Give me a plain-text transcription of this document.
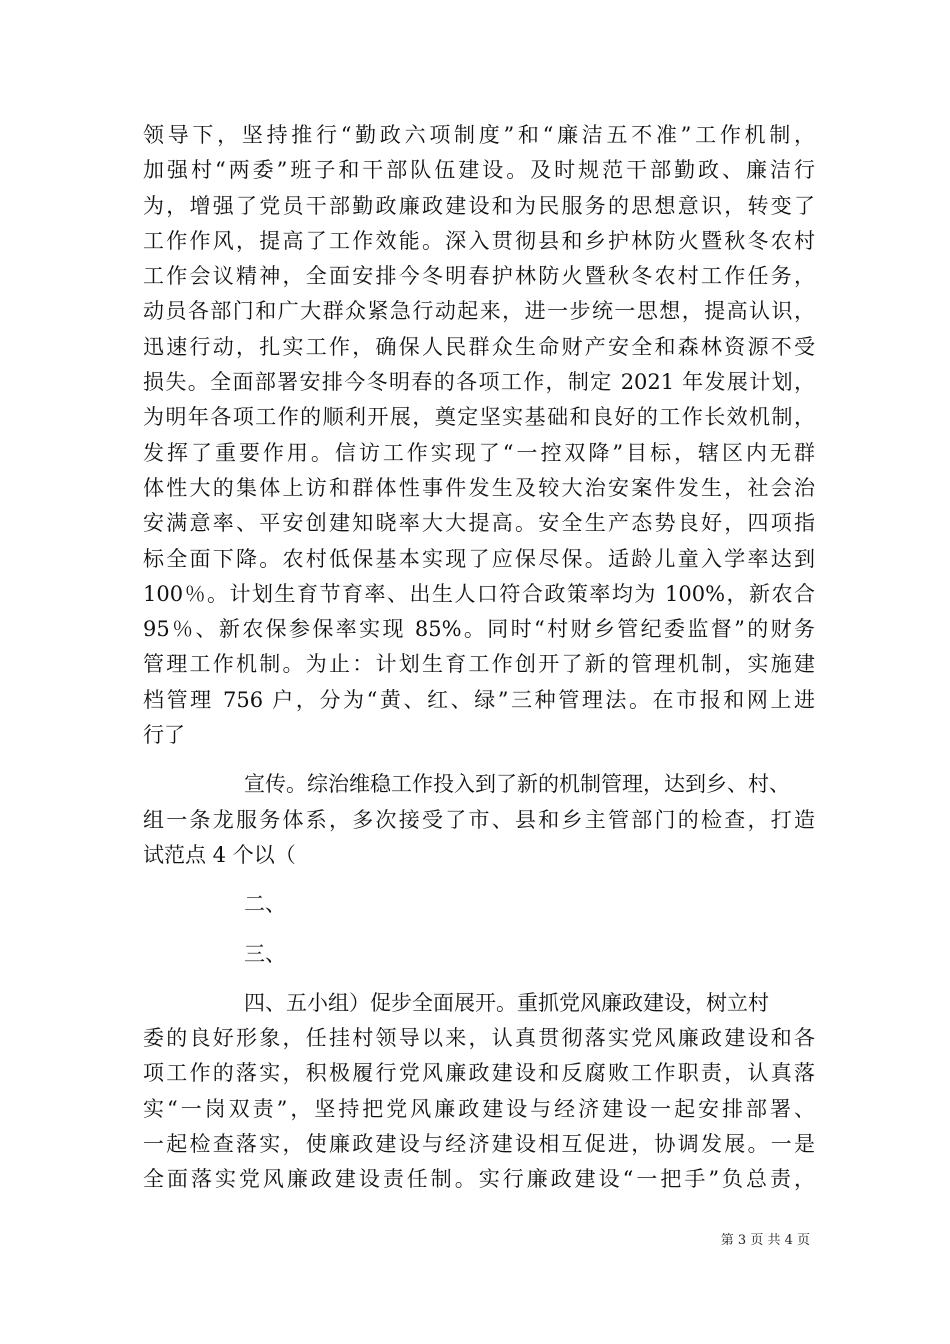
领导下，坚持推行“勤政六项制度”和“廉洁五不准”工作机制，
加强村“两委”班子和干部队伍建设。及时规范干部勤政、廉洁行
为，增强了党员干部勤政廉政建设和为民服务的思想意识，转变了
工作作风，提高了工作效能。深入贯彻县和乡护林防火暨秋冬农村
工作会议精神，全面安排今冬明春护林防火暨秋冬农村工作任务，
动员各部门和广大群众紧急行动起来，进一步统一思想，提高认识，
迅速行动，扎实工作，确保人民群众生命财产安全和森林资源不受
损失。全面部署安排今冬明春的各项工作，制定 2021 年发展计划，
为明年各项工作的顺利开展，奠定坚实基础和良好的工作长效机制，
发挥了重要作用。信访工作实现了“一控双降”目标，辖区内无群
体性大的集体上访和群体性事件发生及较大治安案件发生，社会治
安满意率、平安创建知晓率大大提高。安全生产态势良好，四项指
标全面下降。农村低保基本实现了应保尽保。适龄儿童入学率达到
100％。计划生育节育率、出生人口符合政策率均为 100%，新农合
95％、新农保参保率实现 85%。同时“村财乡管纪委监督”的财务
管理工作机制。为止：计划生育工作创开了新的管理机制，实施建
档管理 756 户，分为“黄、红、绿”三种管理法。在市报和网上进
行了
宣传。综治维稳工作投入到了新的机制管理，达到乡、村、
组一条龙服务体系，多次接受了市、县和乡主管部门的检查，打造
试范点 4 个以（
二、
三、
四、五小组）促步全面展开。重抓党风廉政建设，树立村
委的良好形象，任挂村领导以来，认真贯彻落实党风廉政建设和各
项工作的落实，积极履行党风廉政建设和反腐败工作职责，认真落
实“一岗双责”，坚持把党风廉政建设与经济建设一起安排部署、
一起检查落实，使廉政建设与经济建设相互促进，协调发展。一是
全面落实党风廉政建设责任制。实行廉政建设“一把手”负总责，
第 3 页 共 4 页
